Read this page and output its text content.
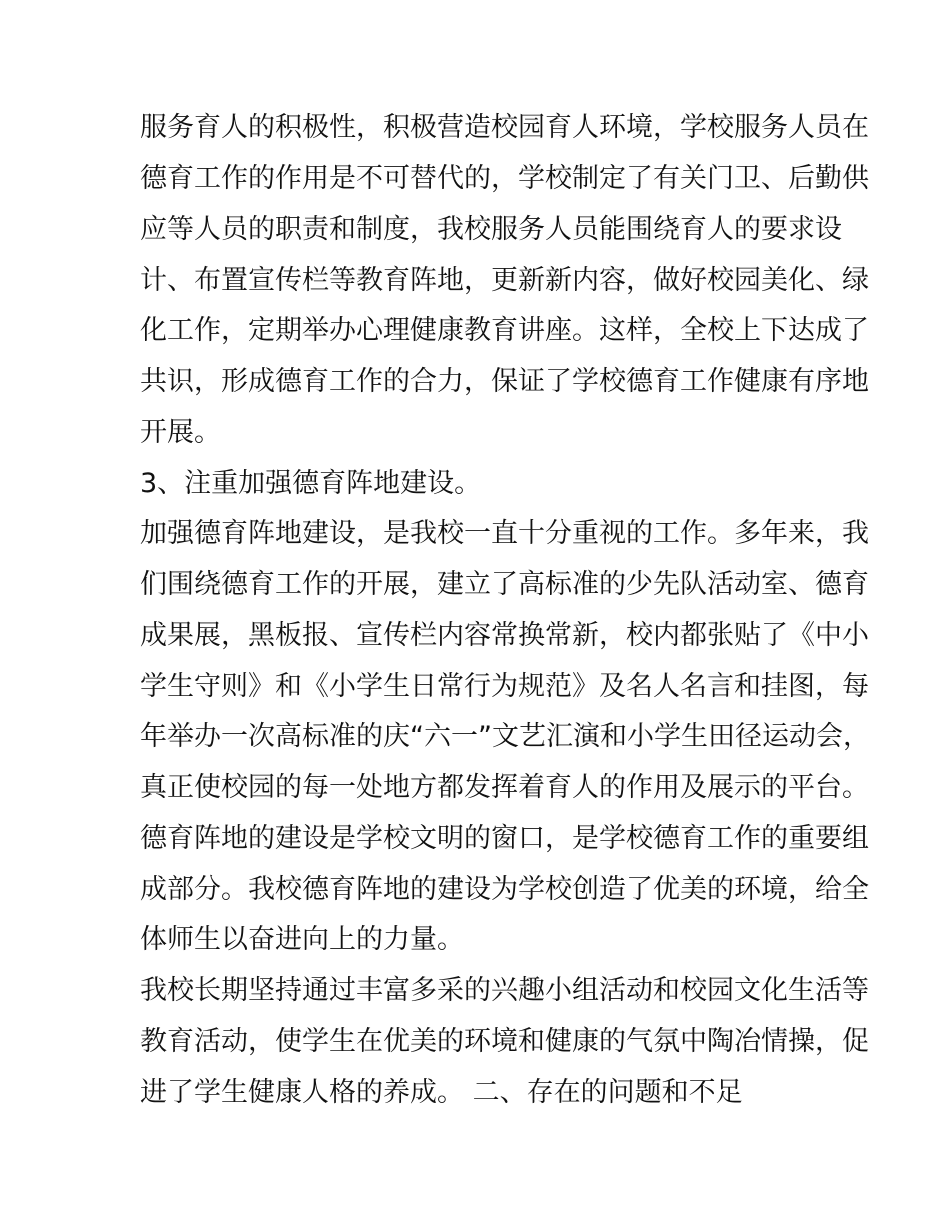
服务育人的积极性，积极营造校园育人环境，学校服务人员在
德育工作的作用是不可替代的，学校制定了有关门卫、后勤供
应等人员的职责和制度，我校服务人员能围绕育人的要求设
计、布置宣传栏等教育阵地，更新新内容，做好校园美化、绿
化工作，定期举办心理健康教育讲座。这样，全校上下达成了
共识，形成德育工作的合力，保证了学校德育工作健康有序地
开展。
3、注重加强德育阵地建设。
加强德育阵地建设，是我校一直十分重视的工作。多年来，我
们围绕德育工作的开展，建立了高标准的少先队活动室、德育
成果展，黑板报、宣传栏内容常换常新，校内都张贴了《中小
学生守则》和《小学生日常行为规范》及名人名言和挂图，每
年举办一次高标准的庆“六一”文艺汇演和小学生田径运动会，
真正使校园的每一处地方都发挥着育人的作用及展示的平台。
德育阵地的建设是学校文明的窗口，是学校德育工作的重要组
成部分。我校德育阵地的建设为学校创造了优美的环境，给全
体师生以奋进向上的力量。
我校长期坚持通过丰富多采的兴趣小组活动和校园文化生活等
教育活动，使学生在优美的环境和健康的气氛中陶冶情操，促
进了学生健康人格的养成。 二、存在的问题和不足
